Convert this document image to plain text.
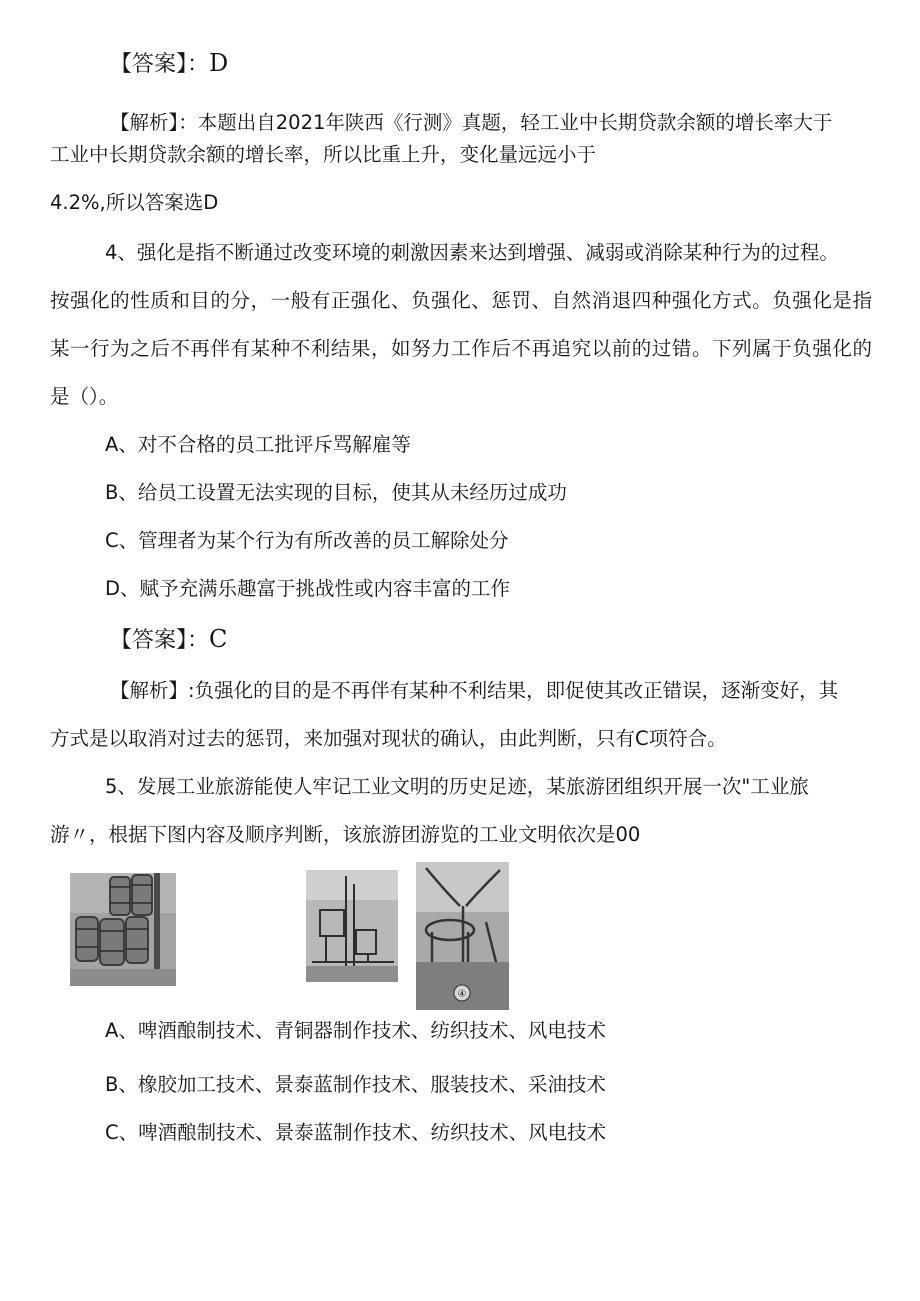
【答案】：D
【解析】：本题出自2021年陕西《行测》真题，轻工业中长期贷款余额的增长率大于
工业中长期贷款余额的增长率，所以比重上升，变化量远远小于
4.2%,所以答案选D
4、强化是指不断通过改变环境的刺激因素来达到增强、减弱或消除某种行为的过程。
按强化的性质和目的分，一般有正强化、负强化、惩罚、自然消退四种强化方式。负强化是指
某一行为之后不再伴有某种不利结果，如努力工作后不再追究以前的过错。下列属于负强化的
是（）。
A、对不合格的员工批评斥骂解雇等
B、给员工设置无法实现的目标，使其从未经历过成功
C、管理者为某个行为有所改善的员工解除处分
D、赋予充满乐趣富于挑战性或内容丰富的工作
【答案】：C
【解析】:负强化的目的是不再伴有某种不利结果，即促使其改正错误，逐渐变好，其
方式是以取消对过去的惩罚，来加强对现状的确认，由此判断，只有C项符合。
5、发展工业旅游能使人牢记工业文明的历史足迹，某旅游团组织开展一次"工业旅
游〃，根据下图内容及顺序判断，该旅游团游览的工业文明依次是00
④
A、啤酒酿制技术、青铜器制作技术、纺织技术、风电技术
B、橡胶加工技术、景泰蓝制作技术、服装技术、采油技术
C、啤酒酿制技术、景泰蓝制作技术、纺织技术、风电技术
